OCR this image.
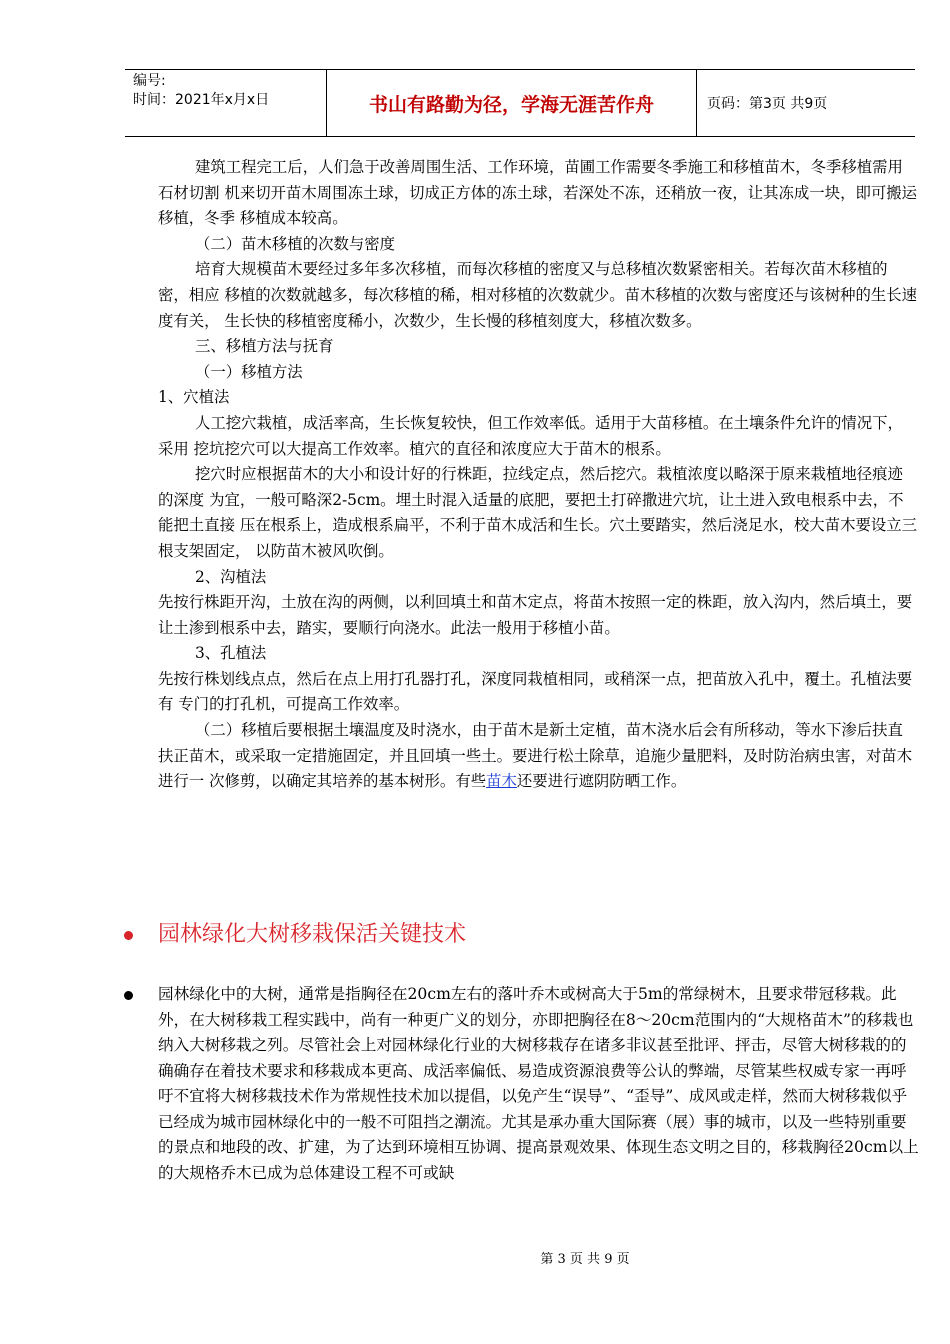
编号:
时间：2021年x月x日	书山有路勤为径，学海无涯苦作舟	页码：第3页 共9页

建筑工程完工后，人们急于改善周围生活、工作环境，苗圃工作需要冬季施工和移植苗木，冬季移植需用石材切割 机来切开苗木周围冻土球，切成正方体的冻土球，若深处不冻，还稍放一夜，让其冻成一块，即可搬运移植，冬季 移植成本较高。

（二）苗木移植的次数与密度

培育大规模苗木要经过多年多次移植，而每次移植的密度又与总移植次数紧密相关。若每次苗木移植的密，相应 移植的次数就越多，每次移植的稀，相对移植的次数就少。苗木移植的次数与密度还与该树种的生长速度有关， 生长快的移植密度稀小，次数少，生长慢的移植刻度大，移植次数多。

三、移植方法与抚育

（一）移植方法

1、穴植法

人工挖穴栽植，成活率高，生长恢复较快，但工作效率低。适用于大苗移植。在土壤条件允许的情况下，采用 挖坑挖穴可以大提高工作效率。植穴的直径和浓度应大于苗木的根系。

挖穴时应根据苗木的大小和设计好的行株距，拉线定点，然后挖穴。栽植浓度以略深于原来栽植地径痕迹的深度 为宜，一般可略深2-5cm。埋土时混入适量的底肥，要把土打碎撒进穴坑，让土进入致电根系中去，不能把土直接 压在根系上，造成根系扁平，不利于苗木成活和生长。穴土要踏实，然后浇足水，校大苗木要设立三根支架固定， 以防苗木被风吹倒。

2、沟植法

先按行株距开沟，土放在沟的两侧，以利回填土和苗木定点，将苗木按照一定的株距，放入沟内，然后填土，要 让土渗到根系中去，踏实，要顺行向浇水。此法一般用于移植小苗。

3、孔植法

先按行株划线点点，然后在点上用打孔器打孔，深度同栽植相同，或稍深一点，把苗放入孔中，覆土。孔植法要有 专门的打孔机，可提高工作效率。

（二）移植后要根据土壤温度及时浇水，由于苗木是新土定植，苗木浇水后会有所移动，等水下渗后扶直扶正苗木，或采取一定措施固定，并且回填一些土。要进行松土除草，追施少量肥料，及时防治病虫害，对苗木进行一 次修剪，以确定其培养的基本树形。有些苗木还要进行遮阴防晒工作。

园林绿化大树移栽保活关键技术

园林绿化中的大树，通常是指胸径在20cm左右的落叶乔木或树高大于5m的常绿树木，且要求带冠移栽。此外，在大树移栽工程实践中，尚有一种更广义的划分，亦即把胸径在8～20cm范围内的“大规格苗木”的移栽也纳入大树移栽之列。尽管社会上对园林绿化行业的大树移栽存在诸多非议甚至批评、抨击，尽管大树移栽的的确确存在着技术要求和移栽成本更高、成活率偏低、易造成资源浪费等公认的弊端，尽管某些权威专家一再呼吁不宜将大树移栽技术作为常规性技术加以提倡，以免产生“误导”、“歪导”、成风或走样，然而大树移栽似乎已经成为城市园林绿化中的一般不可阻挡之潮流。尤其是承办重大国际赛（展）事的城市，以及一些特别重要的景点和地段的改、扩建，为了达到环境相互协调、提高景观效果、体现生态文明之目的，移栽胸径20cm以上的大规格乔木已成为总体建设工程不可或缺

第 3 页 共 9 页
